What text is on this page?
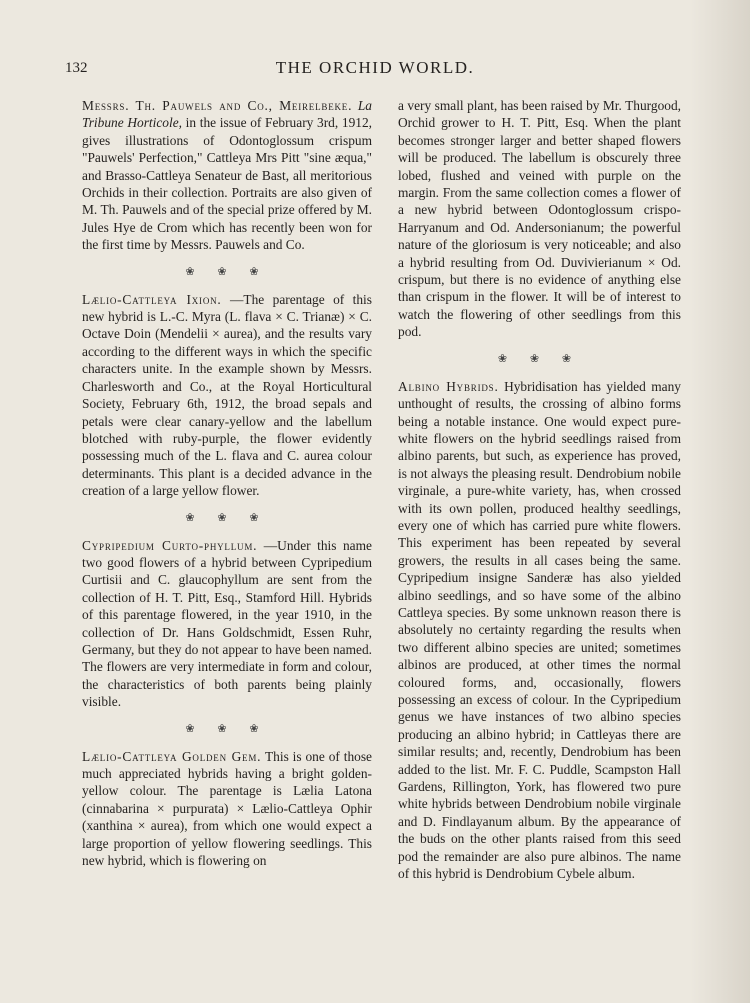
132	THE ORCHID WORLD.

Messrs. Th. Pauwels and Co., Meirelbeke. La Tribune Horticole, in the issue of February 3rd, 1912, gives illustrations of Odontoglossum crispum "Pauwels' Perfection," Cattleya Mrs Pitt "sine æqua," and Brasso-Cattleya Senateur de Bast, all meritorious Orchids in their collection. Portraits are also given of M. Th. Pauwels and of the special prize offered by M. Jules Hye de Crom which has recently been won for the first time by Messrs. Pauwels and Co.

❀ ❀ ❀

Lælio-Cattleya Ixion. —The parentage of this new hybrid is L.-C. Myra (L. flava × C. Trianæ) × C. Octave Doin (Mendelii × aurea), and the results vary according to the different ways in which the specific characters unite. In the example shown by Messrs. Charlesworth and Co., at the Royal Horticultural Society, February 6th, 1912, the broad sepals and petals were clear canary-yellow and the labellum blotched with ruby-purple, the flower evidently possessing much of the L. flava and C. aurea colour determinants. This plant is a decided advance in the creation of a large yellow flower.

❀ ❀ ❀

Cypripedium Curto-phyllum. —Under this name two good flowers of a hybrid between Cypripedium Curtisii and C. glaucophyllum are sent from the collection of H. T. Pitt, Esq., Stamford Hill. Hybrids of this parentage flowered, in the year 1910, in the collection of Dr. Hans Goldschmidt, Essen Ruhr, Germany, but they do not appear to have been named. The flowers are very intermediate in form and colour, the characteristics of both parents being plainly visible.

❀ ❀ ❀

Lælio-Cattleya Golden Gem. This is one of those much appreciated hybrids having a bright golden-yellow colour. The parentage is Lælia Latona (cinnabarina × purpurata) × Lælio-Cattleya Ophir (xanthina × aurea), from which one would expect a large proportion of yellow flowering seedlings. This new hybrid, which is flowering on

a very small plant, has been raised by Mr. Thurgood, Orchid grower to H. T. Pitt, Esq. When the plant becomes stronger larger and better shaped flowers will be produced. The labellum is obscurely three lobed, flushed and veined with purple on the margin. From the same collection comes a flower of a new hybrid between Odontoglossum crispo-Harryanum and Od. Andersonianum; the powerful nature of the gloriosum is very noticeable; and also a hybrid resulting from Od. Duvivierianum × Od. crispum, but there is no evidence of anything else than crispum in the flower. It will be of interest to watch the flowering of other seedlings from this pod.

❀ ❀ ❀

Albino Hybrids. Hybridisation has yielded many unthought of results, the crossing of albino forms being a notable instance. One would expect pure-white flowers on the hybrid seedlings raised from albino parents, but such, as experience has proved, is not always the pleasing result. Dendrobium nobile virginale, a pure-white variety, has, when crossed with its own pollen, produced healthy seedlings, every one of which has carried pure white flowers. This experiment has been repeated by several growers, the results in all cases being the same. Cypripedium insigne Sanderæ has also yielded albino seedlings, and so have some of the albino Cattleya species. By some unknown reason there is absolutely no certainty regarding the results when two different albino species are united; sometimes albinos are produced, at other times the normal coloured forms, and, occasionally, flowers possessing an excess of colour. In the Cypripedium genus we have instances of two albino species producing an albino hybrid; in Cattleyas there are similar results; and, recently, Dendrobium has been added to the list. Mr. F. C. Puddle, Scampston Hall Gardens, Rillington, York, has flowered two pure white hybrids between Dendrobium nobile virginale and D. Findlayanum album. By the appearance of the buds on the other plants raised from this seed pod the remainder are also pure albinos. The name of this hybrid is Dendrobium Cybele album.
